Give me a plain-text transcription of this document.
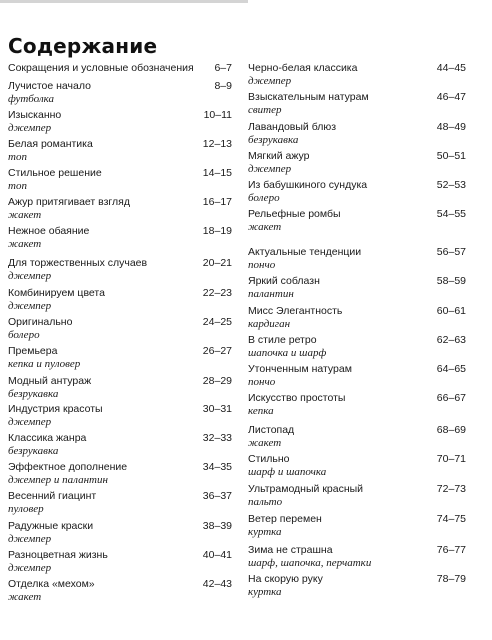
Содержание
Сокращения и условные обозначения 6–7
Лучистое начало	8–9
футболка
Изысканно	10–11
джемпер
Белая романтика	12–13
топ
Стильное решение	14–15
топ
Ажур притягивает взгляд	16–17
жакет
Нежное обаяние	18–19
жакет
Для торжественных случаев	20–21
джемпер
Комбинируем цвета	22–23
джемпер
Оригинально	24–25
болеро
Премьера	26–27
кепка и пуловер
Модный антураж	28–29
безрукавка
Индустрия красоты	30–31
джемпер
Классика жанра	32–33
безрукавка
Эффектное дополнение	34–35
джемпер и палантин
Весенний гиацинт	36–37
пуловер
Радужные краски	38–39
джемпер
Разноцветная жизнь	40–41
джемпер
Отделка «мехом»	42–43
жакет
Черно-белая классика	44–45
джемпер
Взыскательным натурам	46–47
свитер
Лавандовый блюз	48–49
безрукавка
Мягкий ажур	50–51
джемпер
Из бабушкиного сундука	52–53
болеро
Рельефные ромбы	54–55
жакет
Актуальные тенденции	56–57
пончо
Яркий соблазн	58–59
палантин
Мисс Элегантность	60–61
кардиган
В стиле ретро	62–63
шапочка и шарф
Утонченным натурам	64–65
пончо
Искусство простоты	66–67
кепка
Листопад	68–69
жакет
Стильно	70–71
шарф и шапочка
Ультрамодный красный	72–73
пальто
Ветер перемен	74–75
куртка
Зима не страшна	76–77
шарф, шапочка, перчатки
На скорую руку	78–79
куртка
